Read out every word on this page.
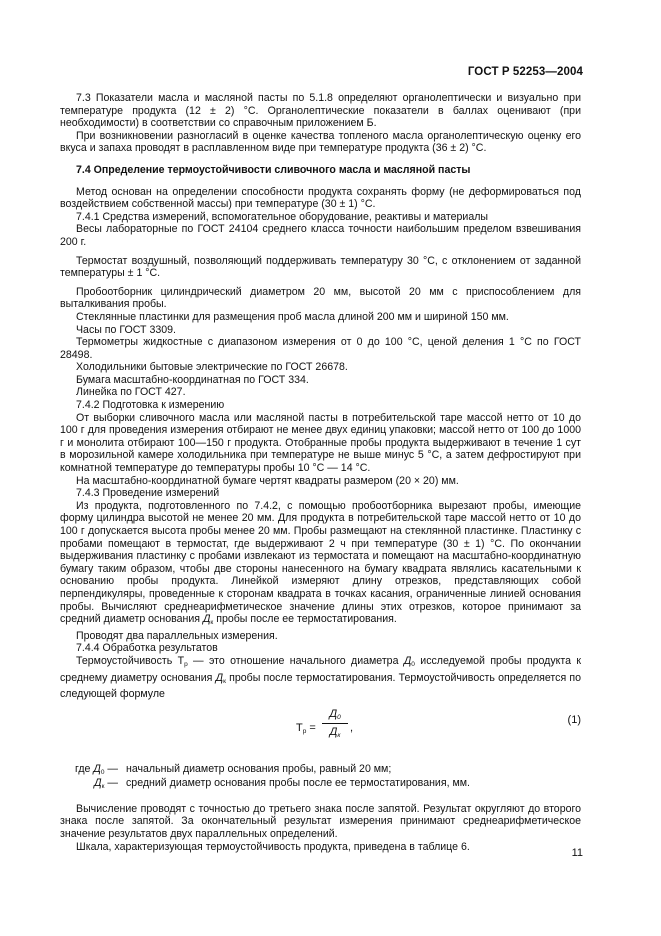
ГОСТ Р 52253—2004

7.3 Показатели масла и масляной пасты по 5.1.8 определяют органолептически и визуально при температуре продукта (12 ± 2) °С. Органолептические показатели в баллах оценивают (при необходимости) в соответствии со справочным приложением Б.

При возникновении разногласий в оценке качества топленого масла органолептическую оценку его вкуса и запаха проводят в расплавленном виде при температуре продукта (36 ± 2) °С.

7.4 Определение термоустойчивости сливочного масла и масляной пасты

Метод основан на определении способности продукта сохранять форму (не деформироваться под воздействием собственной массы) при температуре (30 ± 1) °С.

7.4.1 Средства измерений, вспомогательное оборудование, реактивы и материалы

Весы лабораторные по ГОСТ 24104 среднего класса точности наибольшим пределом взвешивания 200 г.

Термостат воздушный, позволяющий поддерживать температуру 30 °С, с отклонением от заданной температуры ± 1 °С.

Пробоотборник цилиндрический диаметром 20 мм, высотой 20 мм с приспособлением для выталкивания пробы.

Стеклянные пластинки для размещения проб масла длиной 200 мм и шириной 150 мм.

Часы по ГОСТ 3309.

Термометры жидкостные с диапазоном измерения от 0 до 100 °С, ценой деления 1 °С по ГОСТ 28498.

Холодильники бытовые электрические по ГОСТ 26678.

Бумага масштабно-координатная по ГОСТ 334.

Линейка по ГОСТ 427.

7.4.2 Подготовка к измерению

От выборки сливочного масла или масляной пасты в потребительской таре массой нетто от 10 до 100 г для проведения измерения отбирают не менее двух единиц упаковки; массой нетто от 100 до 1000 г и монолита отбирают 100—150 г продукта. Отобранные пробы продукта выдерживают в течение 1 сут в морозильной камере холодильника при температуре не выше минус 5 °С, а затем дефростируют при комнатной температуре до температуры пробы 10 °С — 14 °С.

На масштабно-координатной бумаге чертят квадраты размером (20 × 20) мм.

7.4.3 Проведение измерений

Из продукта, подготовленного по 7.4.2, с помощью пробоотборника вырезают пробы, имеющие форму цилиндра высотой не менее 20 мм. Для продукта в потребительской таре массой нетто от 10 до 100 г допускается высота пробы менее 20 мм. Пробы размещают на стеклянной пластинке. Пластинку с пробами помещают в термостат, где выдерживают 2 ч при температуре (30 ± 1) °С. По окончании выдерживания пластинку с пробами извлекают из термостата и помещают на масштабно-координатную бумагу таким образом, чтобы две стороны нанесенного на бумагу квадрата являлись касательными к основанию пробы продукта. Линейкой измеряют длину отрезков, представляющих собой перпендикуляры, проведенные к сторонам квадрата в точках касания, ограниченные линией основания пробы. Вычисляют среднеарифметическое значение длины этих отрезков, которое принимают за средний диаметр основания $Д_к$ пробы после ее термостатирования.

Проводят два параллельных измерения.

7.4.4 Обработка результатов

Термоустойчивость $Т_р$ — это отношение начального диаметра $Д_0$ исследуемой пробы продукта к среднему диаметру основания $Д_к$ пробы после термостатирования. Термоустойчивость определяется по следующей формуле

$Т_р$ =
$Д_0$
$Д_к$
,
(1)
где $Д_0$ — начальный диаметр основания пробы, равный 20 мм;
$Д_к$ — средний диаметр основания пробы после ее термостатирования, мм.

Вычисление проводят с точностью до третьего знака после запятой. Результат округляют до второго знака после запятой. За окончательный результат измерения принимают среднеарифметическое значение результатов двух параллельных определений.

Шкала, характеризующая термоустойчивость продукта, приведена в таблице 6.

11
